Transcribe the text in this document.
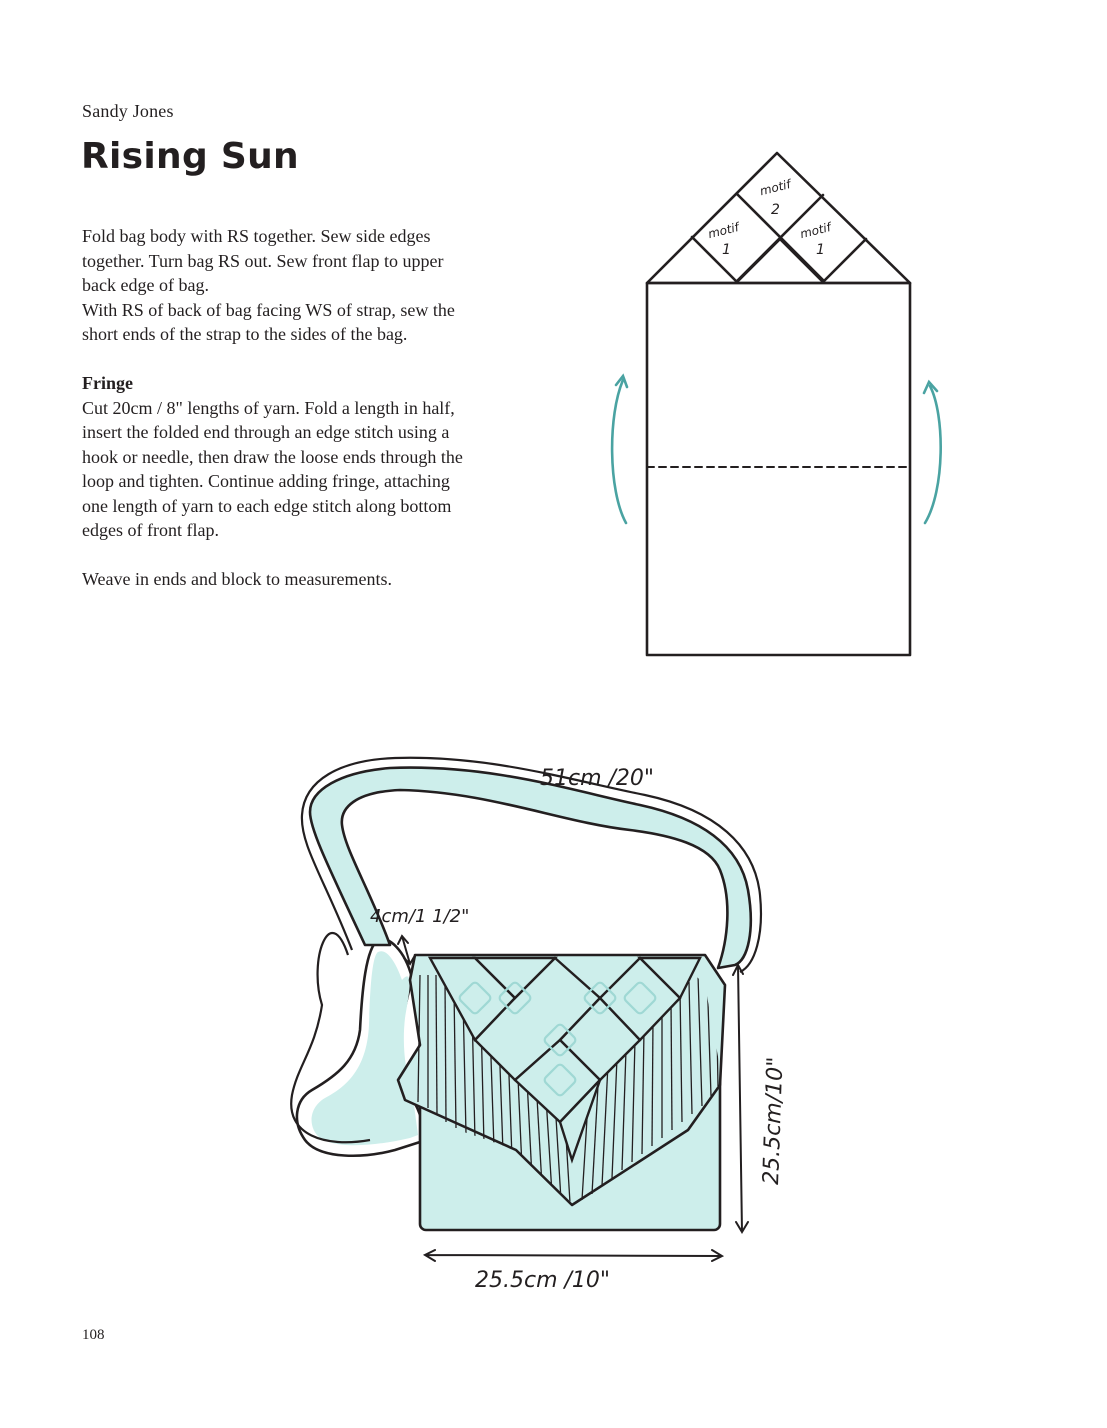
Sandy Jones
Rising Sun

Fold bag body with RS together. Sew side edges

together. Turn bag RS out. Sew front flap to upper

back edge of bag.

With RS of back of bag facing WS of strap, sew the

short ends of the strap to the sides of the bag.

Fringe

Cut 20cm / 8" lengths of yarn. Fold a length in half,

insert the folded end through an edge stitch using a

hook or needle, then draw the loose ends through the

loop and tighten. Continue adding fringe, attaching

one length of yarn to each edge stitch along bottom

edges of front flap.

Weave in ends and block to measurements.

motif
2
motif
1
motif
1
51cm /20"
4cm/1 1/2"
25.5cm/10"
25.5cm /10"
108
